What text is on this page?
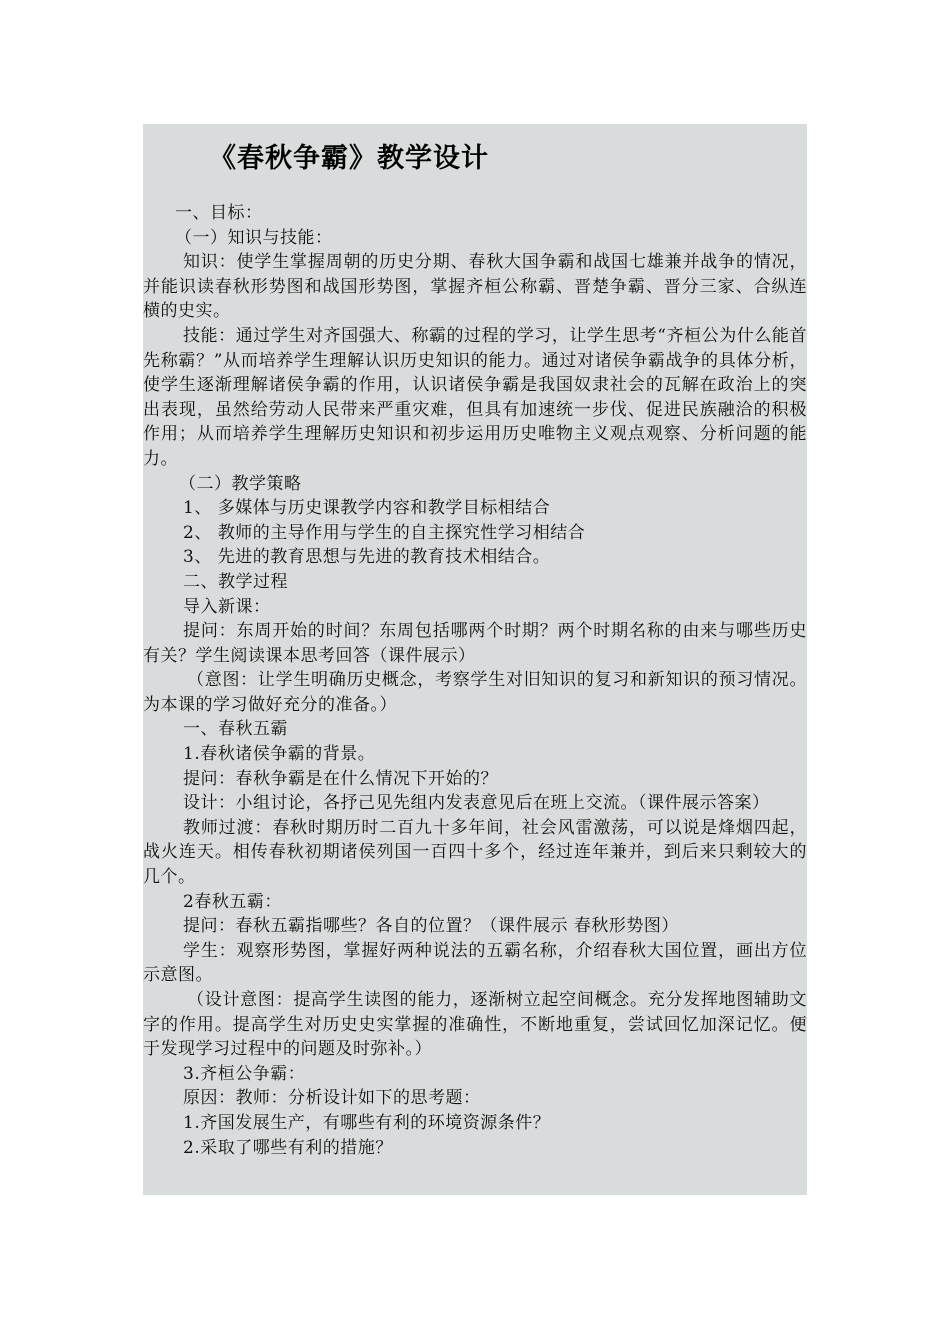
《春秋争霸》教学设计

一、目标：

（一）知识与技能：

知识：使学生掌握周朝的历史分期、春秋大国争霸和战国七雄兼并战争的情况，并能识读春秋形势图和战国形势图，掌握齐桓公称霸、晋楚争霸、晋分三家、合纵连横的史实。

技能：通过学生对齐国强大、称霸的过程的学习，让学生思考“齐桓公为什么能首先称霸？”从而培养学生理解认识历史知识的能力。通过对诸侯争霸战争的具体分析，使学生逐渐理解诸侯争霸的作用，认识诸侯争霸是我国奴隶社会的瓦解在政治上的突出表现，虽然给劳动人民带来严重灾难，但具有加速统一步伐、促进民族融洽的积极作用；从而培养学生理解历史知识和初步运用历史唯物主义观点观察、分析问题的能力。

（二）教学策略

1、 多媒体与历史课教学内容和教学目标相结合

2、 教师的主导作用与学生的自主探究性学习相结合

3、 先进的教育思想与先进的教育技术相结合。

二、教学过程

导入新课：

提问：东周开始的时间？东周包括哪两个时期？两个时期名称的由来与哪些历史有关？学生阅读课本思考回答（课件展示）

（意图：让学生明确历史概念，考察学生对旧知识的复习和新知识的预习情况。为本课的学习做好充分的准备。）

一、春秋五霸

1.春秋诸侯争霸的背景。

提问：春秋争霸是在什么情况下开始的？

设计：小组讨论，各抒己见先组内发表意见后在班上交流。（课件展示答案）

教师过渡：春秋时期历时二百九十多年间，社会风雷激荡，可以说是烽烟四起，战火连天。相传春秋初期诸侯列国一百四十多个，经过连年兼并，到后来只剩较大的几个。

2春秋五霸：

提问：春秋五霸指哪些？各自的位置？（课件展示 春秋形势图）

学生：观察形势图，掌握好两种说法的五霸名称，介绍春秋大国位置，画出方位示意图。

（设计意图：提高学生读图的能力，逐渐树立起空间概念。充分发挥地图辅助文字的作用。提高学生对历史史实掌握的准确性，不断地重复，尝试回忆加深记忆。便于发现学习过程中的问题及时弥补。）

3.齐桓公争霸：

原因：教师：分析设计如下的思考题：

1.齐国发展生产，有哪些有利的环境资源条件？

2.采取了哪些有利的措施？
